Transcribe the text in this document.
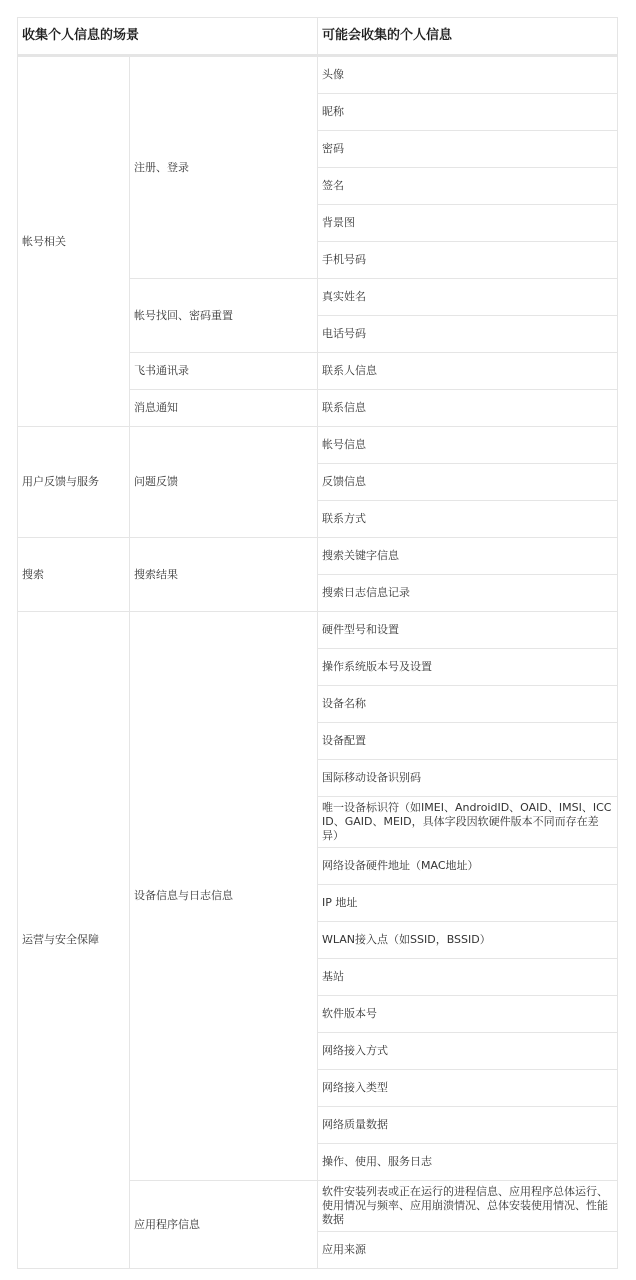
收集个人信息的场景		可能会收集的个人信息
帐号相关	注册、登录	头像
		昵称
		密码
		签名
		背景图
		手机号码
	帐号找回、密码重置	真实姓名
		电话号码
	飞书通讯录	联系人信息
	消息通知	联系信息
用户反馈与服务	问题反馈	帐号信息
		反馈信息
		联系方式
搜索	搜索结果	搜索关键字信息
		搜索日志信息记录
运营与安全保障	设备信息与日志信息	硬件型号和设置
		操作系统版本号及设置
		设备名称
		设备配置
		国际移动设备识别码
		唯一设备标识符（如IMEI、AndroidID、OAID、IMSI、ICCID、GAID、MEID，具体字段因软硬件版本不同而存在差异）
		网络设备硬件地址（MAC地址）
		IP 地址
		WLAN接入点（如SSID，BSSID）
		基站
		软件版本号
		网络接入方式
		网络接入类型
		网络质量数据
		操作、使用、服务日志
	应用程序信息	软件安装列表或正在运行的进程信息、应用程序总体运行、使用情况与频率、应用崩溃情况、总体安装使用情况、性能数据
		应用来源
